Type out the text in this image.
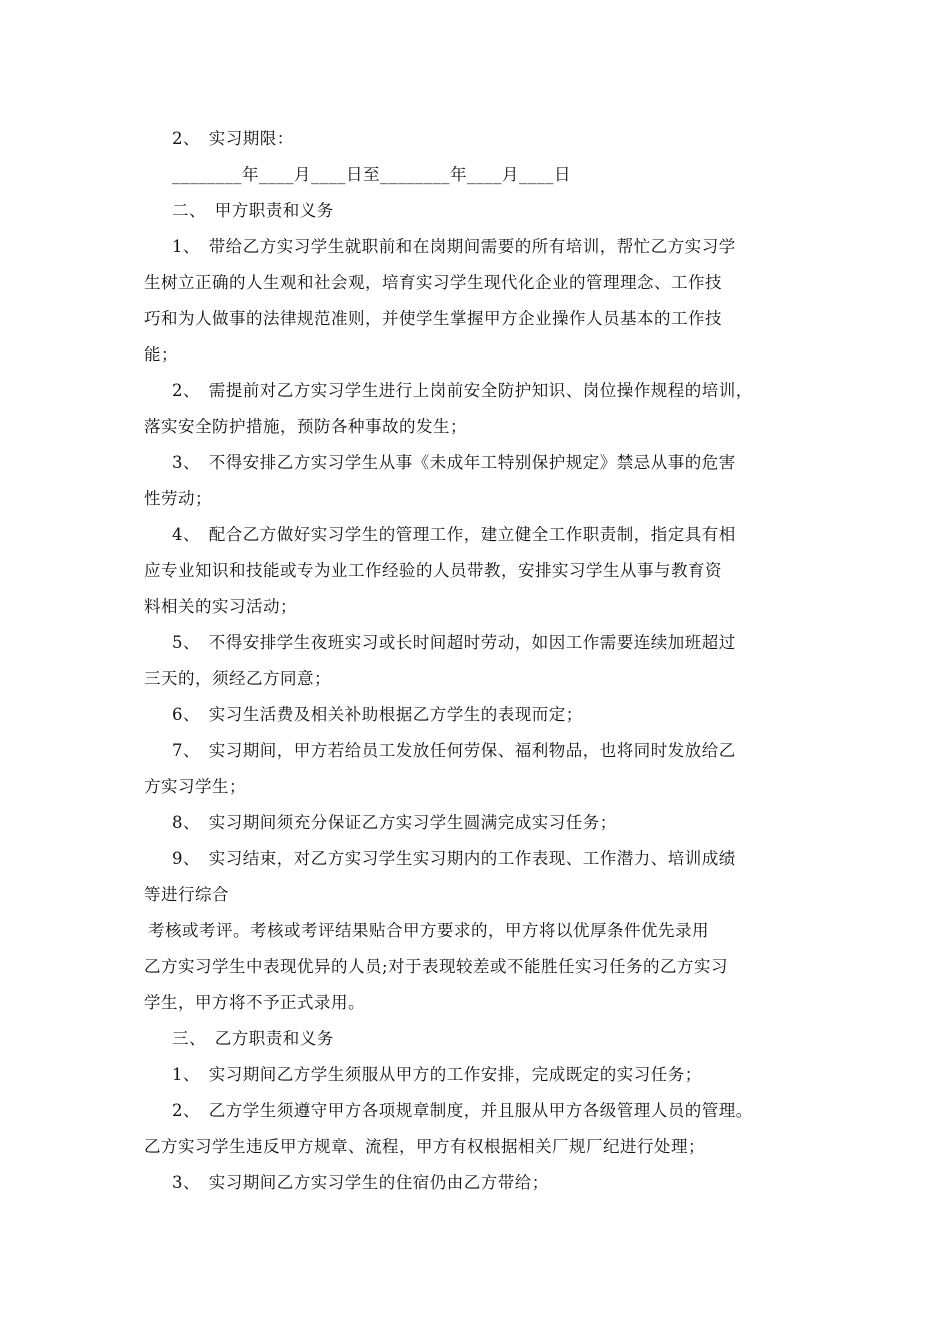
2、　实习期限：
________年____月____日至________年____月____日
二、　甲方职责和义务
1、　带给乙方实习学生就职前和在岗期间需要的所有培训，帮忙乙方实习学
生树立正确的人生观和社会观，培育实习学生现代化企业的管理理念、工作技
巧和为人做事的法律规范准则，并使学生掌握甲方企业操作人员基本的工作技
能；
2、　需提前对乙方实习学生进行上岗前安全防护知识、岗位操作规程的培训，
落实安全防护措施，预防各种事故的发生；
3、　不得安排乙方实习学生从事《未成年工特别保护规定》禁忌从事的危害
性劳动；
4、　配合乙方做好实习学生的管理工作，建立健全工作职责制，指定具有相
应专业知识和技能或专为业工作经验的人员带教，安排实习学生从事与教育资
料相关的实习活动；
5、　不得安排学生夜班实习或长时间超时劳动，如因工作需要连续加班超过
三天的，须经乙方同意；
6、　实习生活费及相关补助根据乙方学生的表现而定；
7、　实习期间，甲方若给员工发放任何劳保、福利物品，也将同时发放给乙
方实习学生；
8、　实习期间须充分保证乙方实习学生圆满完成实习任务；
9、　实习结束，对乙方实习学生实习期内的工作表现、工作潜力、培训成绩
等进行综合
考核或考评。考核或考评结果贴合甲方要求的，甲方将以优厚条件优先录用
乙方实习学生中表现优异的人员;对于表现较差或不能胜任实习任务的乙方实习
学生，甲方将不予正式录用。
三、　乙方职责和义务
1、　实习期间乙方学生须服从甲方的工作安排，完成既定的实习任务；
2、　乙方学生须遵守甲方各项规章制度，并且服从甲方各级管理人员的管理。
乙方实习学生违反甲方规章、流程，甲方有权根据相关厂规厂纪进行处理；
3、　实习期间乙方实习学生的住宿仍由乙方带给；
